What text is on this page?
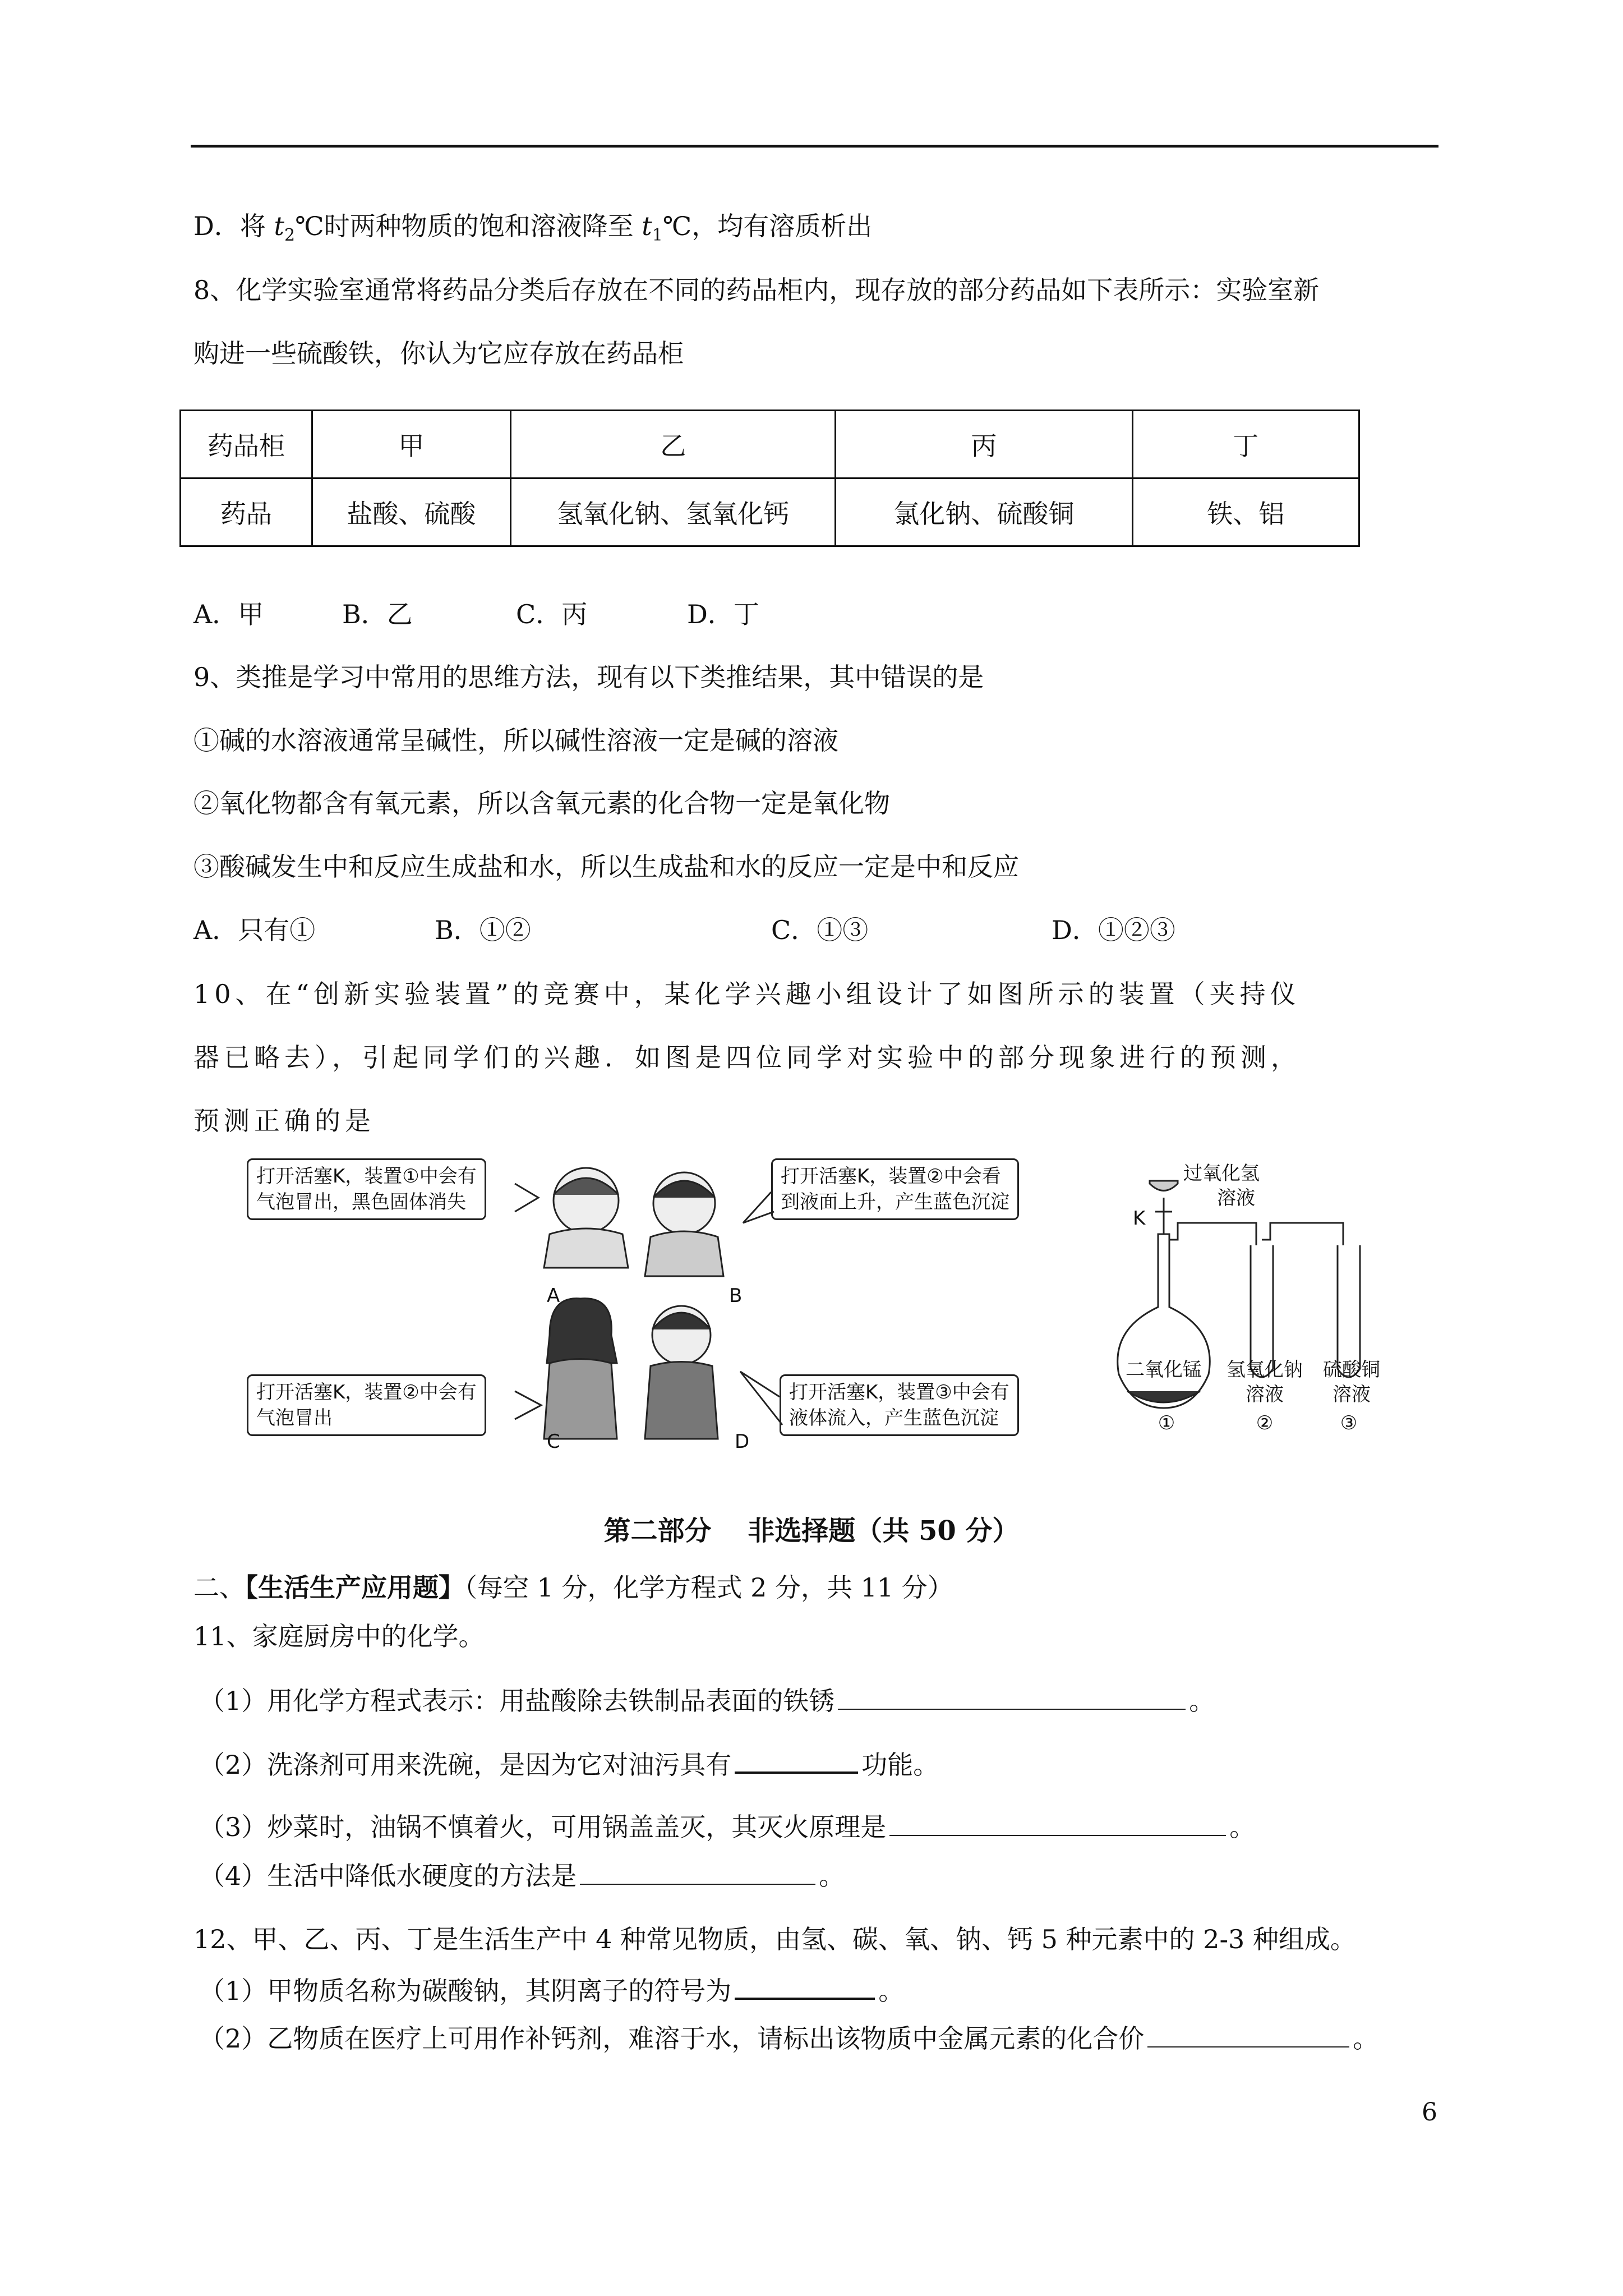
D．将 $t_2℃$时两种物质的饱和溶液降至 $t_1℃$，均有溶质析出
8、化学实验室通常将药品分类后存放在不同的药品柜内，现存放的部分药品如下表所示：实验室新
购进一些硫酸铁，你认为它应存放在药品柜
药品柜	甲	乙	丙	丁
药品	盐酸、硫酸	氢氧化钠、氢氧化钙	氯化钠、硫酸铜	铁、铝
A．甲	B．乙	C．丙	D．丁
9、类推是学习中常用的思维方法，现有以下类推结果，其中错误的是
①碱的水溶液通常呈碱性，所以碱性溶液一定是碱的溶液
②氧化物都含有氧元素，所以含氧元素的化合物一定是氧化物
③酸碱发生中和反应生成盐和水，所以生成盐和水的反应一定是中和反应
A．只有①	B．①②	C．①③	D．①②③
10、在“创新实验装置”的竞赛中，某化学兴趣小组设计了如图所示的装置（夹持仪
器已略去），引起同学们的兴趣．如图是四位同学对实验中的部分现象进行的预测，
预测正确的是
打开活塞K，装置①中会有
气泡冒出，黑色固体消失
打开活塞K，装置②中会看
到液面上升，产生蓝色沉淀
打开活塞K，装置②中会有
气泡冒出
打开活塞K，装置③中会有
液体流入，产生蓝色沉淀
A	B
C	D
过氧化氢
溶液
K
二氧化锰	氢氧化钠
溶液
硫酸铜
溶液
①	②	③
第二部分　 非选择题（共 50 分）
二、【生活生产应用题】（每空 1 分，化学方程式 2 分，共 11 分）
11、家庭厨房中的化学。
（1）用化学方程式表示：用盐酸除去铁制品表面的铁锈	。
（2）洗涤剂可用来洗碗，是因为它对油污具有	功能。
（3）炒菜时，油锅不慎着火，可用锅盖盖灭，其灭火原理是	。
（4）生活中降低水硬度的方法是	。
12、甲、乙、丙、丁是生活生产中 4 种常见物质，由氢、碳、氧、钠、钙 5 种元素中的 2-3 种组成。
（1）甲物质名称为碳酸钠，其阴离子的符号为	。
（2）乙物质在医疗上可用作补钙剂，难溶于水，请标出该物质中金属元素的化合价	。
6
